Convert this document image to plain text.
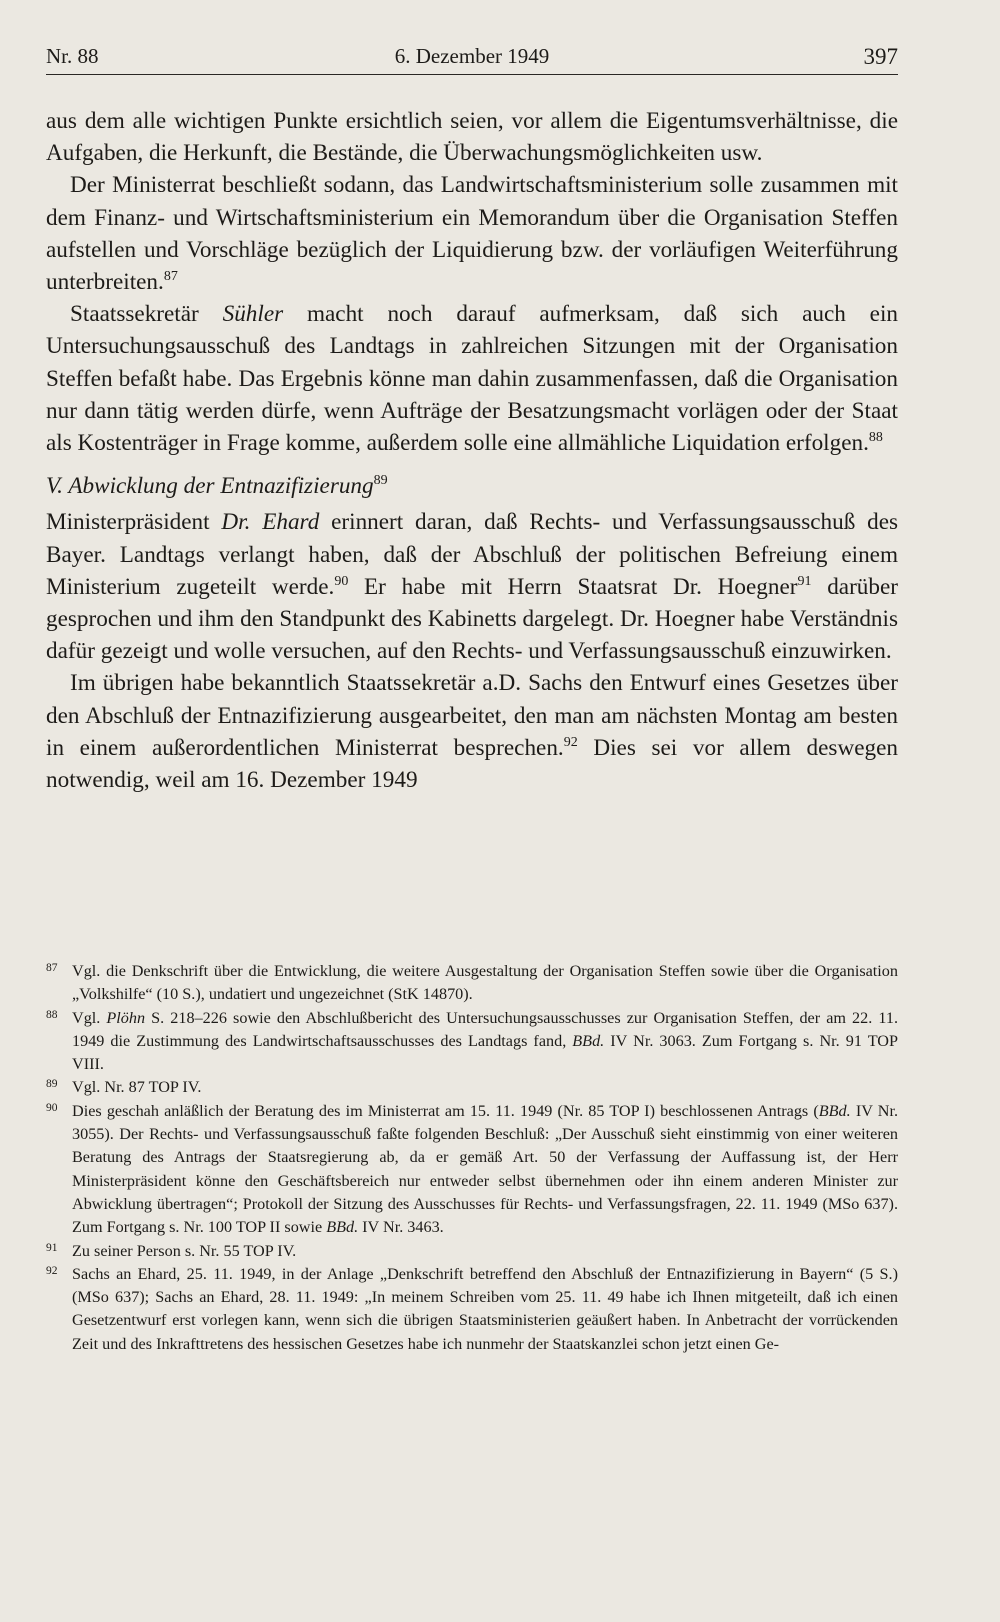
Nr. 88	6. Dezember 1949	397

aus dem alle wichtigen Punkte ersichtlich seien, vor allem die Eigentumsverhältnisse, die Aufgaben, die Herkunft, die Bestände, die Überwachungsmöglichkeiten usw.

Der Ministerrat beschließt sodann, das Landwirtschaftsministerium solle zusammen mit dem Finanz- und Wirtschaftsministerium ein Memorandum über die Organisation Steffen aufstellen und Vorschläge bezüglich der Liquidierung bzw. der vorläufigen Weiterführung unterbreiten.$^{87}$

Staatssekretär Sühler macht noch darauf aufmerksam, daß sich auch ein Untersuchungsausschuß des Landtags in zahlreichen Sitzungen mit der Organisation Steffen befaßt habe. Das Ergebnis könne man dahin zusammenfassen, daß die Organisation nur dann tätig werden dürfe, wenn Aufträge der Besatzungsmacht vorlägen oder der Staat als Kostenträger in Frage komme, außerdem solle eine allmähliche Liquidation erfolgen.$^{88}$

V. Abwicklung der Entnazifizierung$^{89}$

Ministerpräsident Dr. Ehard erinnert daran, daß Rechts- und Verfassungsausschuß des Bayer. Landtags verlangt haben, daß der Abschluß der politischen Befreiung einem Ministerium zugeteilt werde.$^{90}$ Er habe mit Herrn Staatsrat Dr. Hoegner$^{91}$ darüber gesprochen und ihm den Standpunkt des Kabinetts dargelegt. Dr. Hoegner habe Verständnis dafür gezeigt und wolle versuchen, auf den Rechts- und Verfassungsausschuß einzuwirken.

Im übrigen habe bekanntlich Staatssekretär a.D. Sachs den Entwurf eines Gesetzes über den Abschluß der Entnazifizierung ausgearbeitet, den man am nächsten Montag am besten in einem außerordentlichen Ministerrat besprechen.$^{92}$ Dies sei vor allem deswegen notwendig, weil am 16. Dezember 1949

87 Vgl. die Denkschrift über die Entwicklung, die weitere Ausgestaltung der Organisation Steffen sowie über die Organisation „Volkshilfe“ (10 S.), undatiert und ungezeichnet (StK 14870).
88 Vgl. Plöhn S. 218–226 sowie den Abschlußbericht des Untersuchungsausschusses zur Organisation Steffen, der am 22. 11. 1949 die Zustimmung des Landwirtschaftsausschusses des Landtags fand, BBd. IV Nr. 3063. Zum Fortgang s. Nr. 91 TOP VIII.
89 Vgl. Nr. 87 TOP IV.
90 Dies geschah anläßlich der Beratung des im Ministerrat am 15. 11. 1949 (Nr. 85 TOP I) beschlossenen Antrags (BBd. IV Nr. 3055). Der Rechts- und Verfassungsausschuß faßte folgenden Beschluß: „Der Ausschuß sieht einstimmig von einer weiteren Beratung des Antrags der Staatsregierung ab, da er gemäß Art. 50 der Verfassung der Auffassung ist, der Herr Ministerpräsident könne den Geschäftsbereich nur entweder selbst übernehmen oder ihn einem anderen Minister zur Abwicklung übertragen“; Protokoll der Sitzung des Ausschusses für Rechts- und Verfassungsfragen, 22. 11. 1949 (MSo 637). Zum Fortgang s. Nr. 100 TOP II sowie BBd. IV Nr. 3463.
91 Zu seiner Person s. Nr. 55 TOP IV.
92 Sachs an Ehard, 25. 11. 1949, in der Anlage „Denkschrift betreffend den Abschluß der Entnazifizierung in Bayern“ (5 S.) (MSo 637); Sachs an Ehard, 28. 11. 1949: „In meinem Schreiben vom 25. 11. 49 habe ich Ihnen mitgeteilt, daß ich einen Gesetzentwurf erst vorlegen kann, wenn sich die übrigen Staatsministerien geäußert haben. In Anbetracht der vorrückenden Zeit und des Inkrafttretens des hessischen Gesetzes habe ich nunmehr der Staatskanzlei schon jetzt einen Ge-
